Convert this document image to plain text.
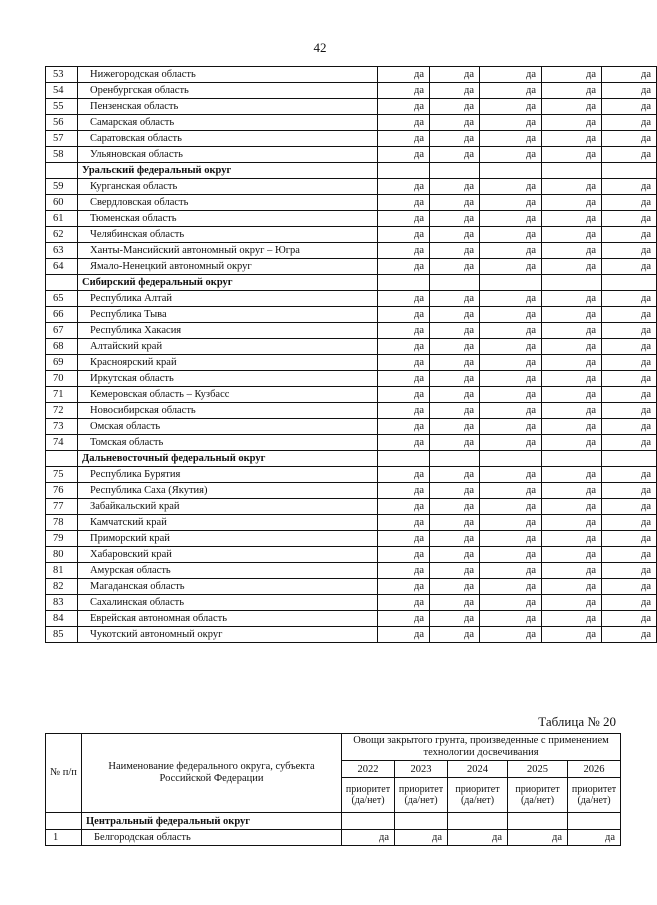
42
53	Нижегородская область	да	да	да	да	да
54	Оренбургская область	да	да	да	да	да
55	Пензенская область	да	да	да	да	да
56	Самарская область	да	да	да	да	да
57	Саратовская область	да	да	да	да	да
58	Ульяновская область	да	да	да	да	да
	Уральский федеральный округ					
59	Курганская область	да	да	да	да	да
60	Свердловская область	да	да	да	да	да
61	Тюменская область	да	да	да	да	да
62	Челябинская область	да	да	да	да	да
63	Ханты-Мансийский автономный округ – Югра	да	да	да	да	да
64	Ямало-Ненецкий автономный округ	да	да	да	да	да
	Сибирский федеральный округ					
65	Республика Алтай	да	да	да	да	да
66	Республика Тыва	да	да	да	да	да
67	Республика Хакасия	да	да	да	да	да
68	Алтайский край	да	да	да	да	да
69	Красноярский край	да	да	да	да	да
70	Иркутская область	да	да	да	да	да
71	Кемеровская область – Кузбасс	да	да	да	да	да
72	Новосибирская область	да	да	да	да	да
73	Омская область	да	да	да	да	да
74	Томская область	да	да	да	да	да
	Дальневосточный федеральный округ					
75	Республика Бурятия	да	да	да	да	да
76	Республика Саха (Якутия)	да	да	да	да	да
77	Забайкальский край	да	да	да	да	да
78	Камчатский край	да	да	да	да	да
79	Приморский край	да	да	да	да	да
80	Хабаровский край	да	да	да	да	да
81	Амурская область	да	да	да	да	да
82	Магаданская область	да	да	да	да	да
83	Сахалинская область	да	да	да	да	да
84	Еврейская автономная область	да	да	да	да	да
85	Чукотский автономный округ	да	да	да	да	да
Таблица № 20
№ п/п	Наименование федерального округа, субъекта Российской Федерации	Овощи закрытого грунта, произведенные с применением технологии досвечивания				
		2022	2023	2024	2025	2026
		приоритет (да/нет)	приоритет (да/нет)	приоритет (да/нет)	приоритет (да/нет)	приоритет (да/нет)
	Центральный федеральный округ					
1	Белгородская область	да	да	да	да	да
